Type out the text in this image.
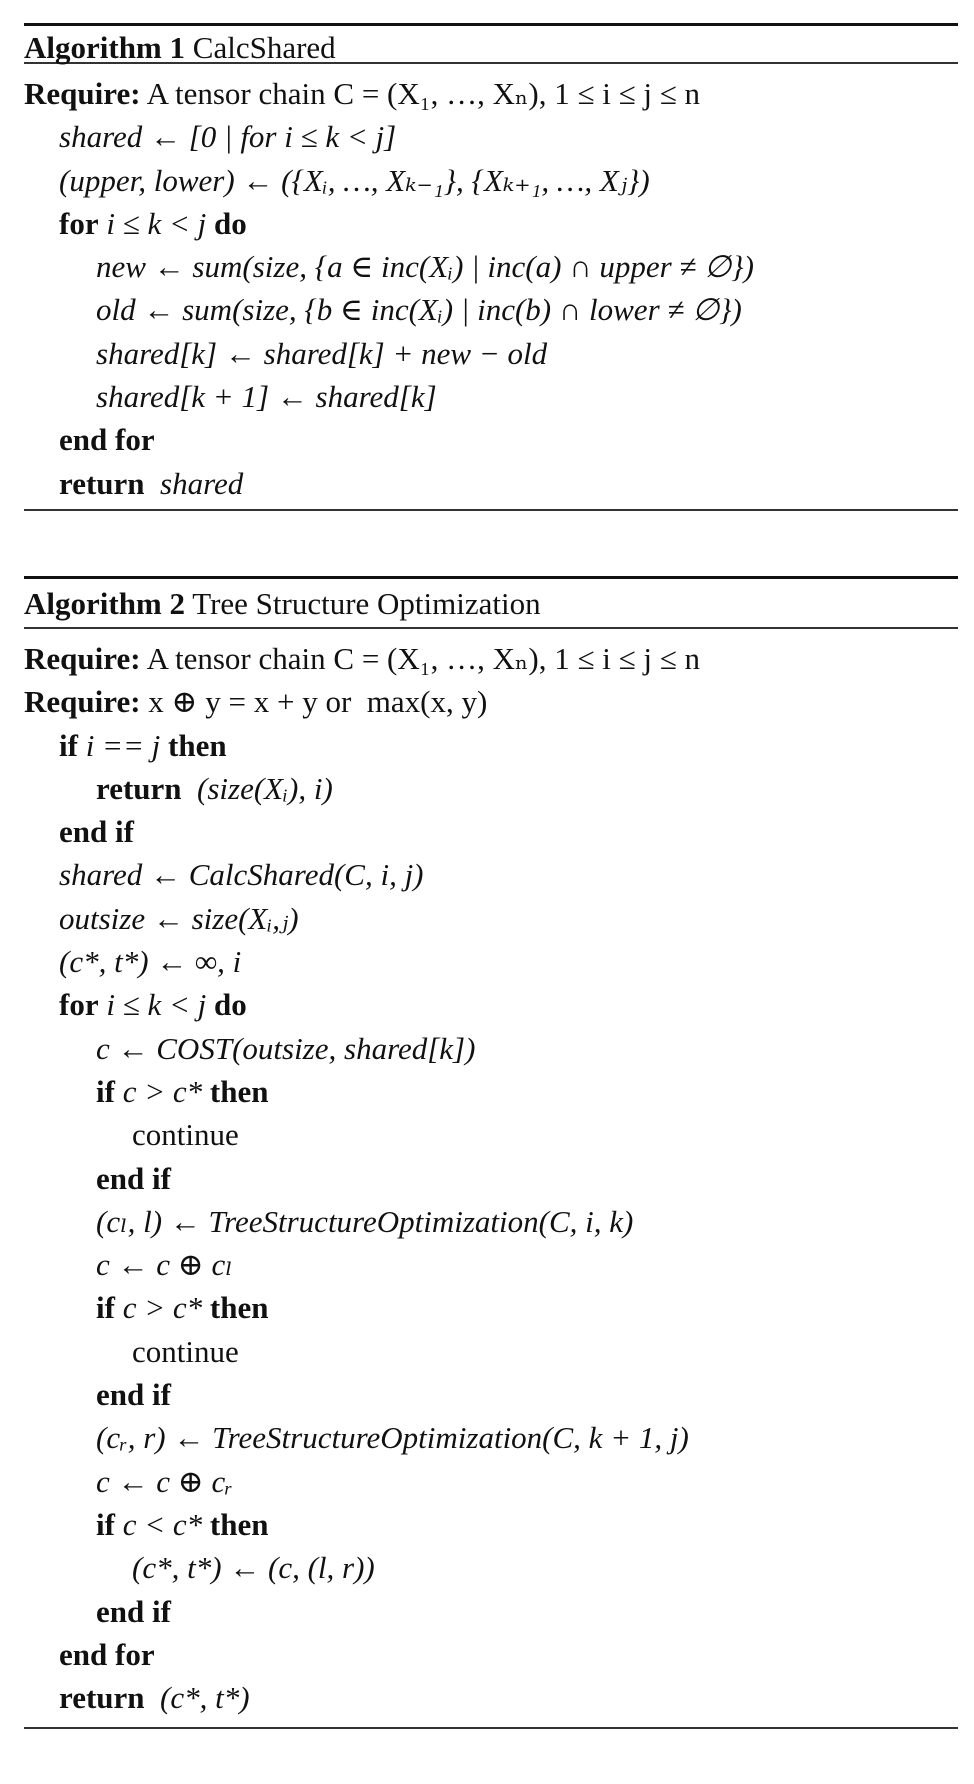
Algorithm 1 CalcShared
Require: A tensor chain C = (X₁, …, Xₙ), 1 ≤ i ≤ j ≤ n
shared ← [0 | for i ≤ k < j]
(upper, lower) ← ({Xᵢ, …, Xₖ₋₁}, {Xₖ₊₁, …, Xⱼ})
for i ≤ k < j do
new ← sum(size, {a ∈ inc(Xᵢ) | inc(a) ∩ upper ≠ ∅})
old ← sum(size, {b ∈ inc(Xᵢ) | inc(b) ∩ lower ≠ ∅})
shared[k] ← shared[k] + new − old
shared[k + 1] ← shared[k]
end for
return  shared
Algorithm 2 Tree Structure Optimization
Require: A tensor chain C = (X₁, …, Xₙ), 1 ≤ i ≤ j ≤ n
Require: x ⊕ y = x + y or  max(x, y)
if i == j then
return  (size(Xᵢ), i)
end if
shared ← CalcShared(C, i, j)
outsize ← size(Xᵢ,ⱼ)
(c*, t*) ← ∞, i
for i ≤ k < j do
c ← COST(outsize, shared[k])
if c > c* then
continue
end if
(cₗ, l) ← TreeStructureOptimization(C, i, k)
c ← c ⊕ cₗ
if c > c* then
continue
end if
(cᵣ, r) ← TreeStructureOptimization(C, k + 1, j)
c ← c ⊕ cᵣ
if c < c* then
(c*, t*) ← (c, (l, r))
end if
end for
return  (c*, t*)
